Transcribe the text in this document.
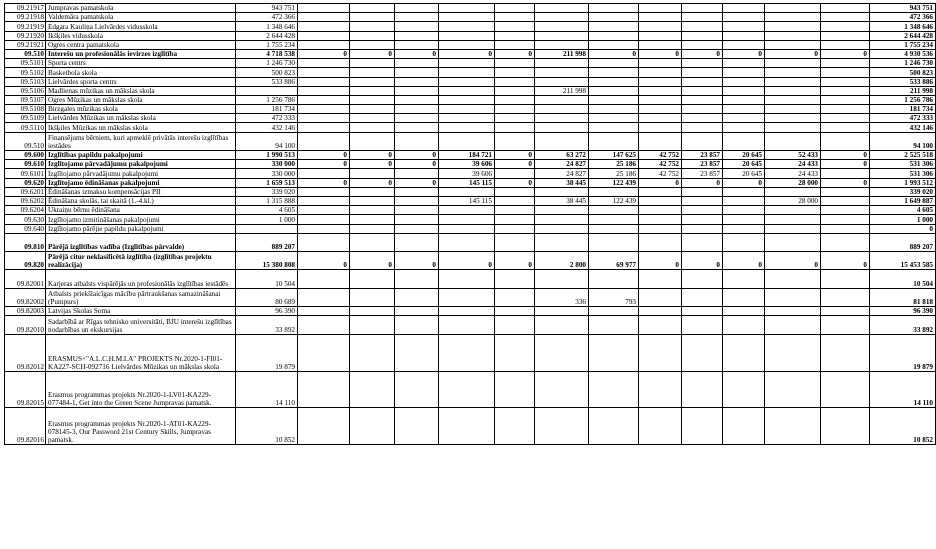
09.21917	Jumpravas pamatskola	943 751													943 751
09.21918	Valdemāra pamatskola	472 366													472 366
09.21919	Edgara Kauliņa Lielvārdes vidusskola	1 348 646													1 348 646
09.21920	Ikšķiles vidusskola	2 644 428													2 644 428
09.21921	Ogres centra pamatskola	1 755 234													1 755 234
09.510	Interešu un profesionālās ievirzes izglītība	4 718 538	0	0	0	0	0	211 998	0	0	0	0	0	0	4 930 536
09.5101	Sporta centrs	1 246 730													1 246 730
09.5102	Basketbola skola	500 823													500 823
09.5103	Lielvārdes sporta centrs	533 886													533 886
09.5106	Madlienas mūzikas un mākslas skola							211 998							211 998
09.5107	Ogres Mūzikas un mākslas skola	1 256 786													1 256 786
09.5108	Birzgales mūzikas skola	181 734													181 734
09.5109	Lielvārdes Mūzikas un mākslas skola	472 333													472 333
09.5110	Ikšķiles Mūzikas un mākslas skola	432 146													432 146
09.510	Finansējums bērniem, kuri apmeklē privātās interešu izglītības iestādes	94 100													94 100
09.600	Izglītības papildu pakalpojumi	1 990 513	0	0	0	184 721	0	63 272	147 625	42 752	23 857	20 645	52 433	0	2 525 518
09.610	Izglītojamo pārvadājumu pakalpojumi	330 000	0	0	0	39 606	0	24 827	25 186	42 752	23 857	20 645	24 433	0	531 306
09.6101	Izglītojamo pārvadājumu pakalpojumi	330 000				39 606		24 827	25 186	42 752	23 857	20 645	24 433		531 306
09.620	Izglītojamo ēdināšanas pakalpojumi	1 659 513	0	0	0	145 115	0	38 445	122 439	0	0	0	28 000	0	1 993 512
09.6201	Ēdināšanas izmaksu kompensācijas PII	339 020													339 020
09.6202	Ēdināšana skolās, tai skaitā (1.-4.kl.)	1 315 888				145 115		38 445	122 439				28 000		1 649 887
09.6204	Ukraiņu bērnu ēdināšana	4 605													4 605
09.630	Izglītojamo izmitināšanas pakalpojumi	1 000													1 000
09.640	Izglītojamo pārējie papildu pakalpojumi														0
09.810	Pārējā izglītības vadība (Izglītības pārvalde)	889 207													889 207
09.820	Pārējā citur neklasificētā izglītība (izglītības projektu realizācija)	15 380 808	0	0	0	0	0	2 800	69 977	0	0	0	0	0	15 453 585
09.82001	Karjeras atbalsts vispārējās un profesionālās izglītības iestādēs	10 504													10 504
09.82002	Atbalsts priekšlaicīgas mācību pārtraukšanas samazināšanai (Pumpurs)	80 689						336	793						81 818
09.82003	Latvijas Skolas Soma	96 390													96 390
09.82010	Sadarbībā ar Rīgas tehnisko universitāti, BJU interešu izglītības nodarbības un ekskursijas	33 892													33 892
09.82012	ERASMUS+"A.L.C.H.M.I.A" PROJEKTS Nr.2020-1-FI01-KA227-SCH-092716 Lielvārdes Mūzikas un mākslas skola	19 879													19 879
09.82015	Erasmus programmas projekts Nr.2020-1-LV01-KA229-077484-1, Get into the Green Scene Jumpravas pamatsk.	14 110													14 110
09.82016	Erasmus programmas projekts Nr.2020-1-AT01-KA229-078145-3, Our Password 21st Century Skills, Jumpravas pamatsk.	10 852													10 852
